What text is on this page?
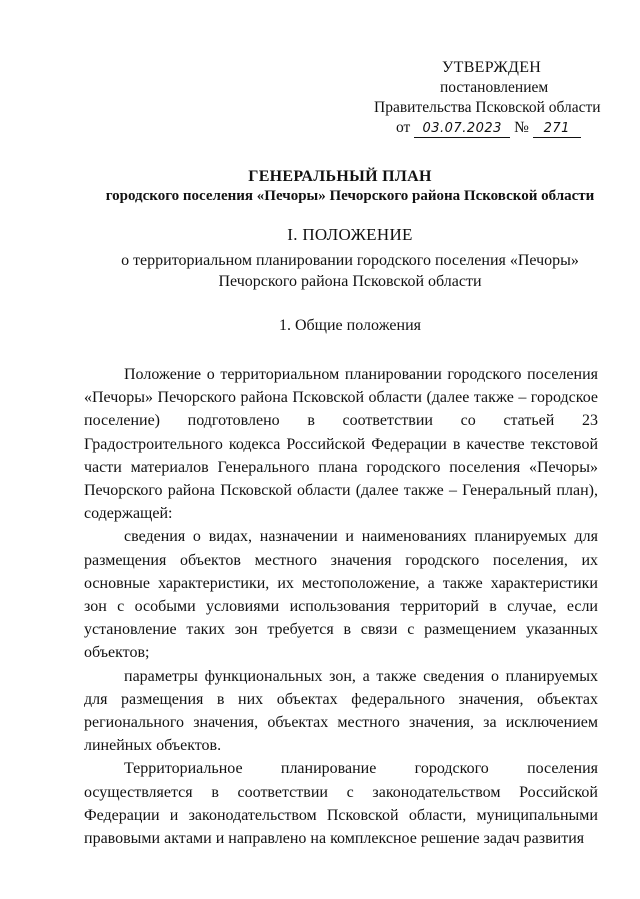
УТВЕРЖДЕН
постановлением
Правительства Псковской области
от 03.07.2023 № 271
ГЕНЕРАЛЬНЫЙ ПЛАН
городского поселения «Печоры» Печорского района Псковской области
I. ПОЛОЖЕНИЕ
о территориальном планировании городского поселения «Печоры»
Печорского района Псковской области
1. Общие положения

Положение о территориальном планировании городского поселения «Печоры» Печорского района Псковской области (далее также – городское поселение) подготовлено в соответствии со статьей 23 Градостроительного кодекса Российской Федерации в качестве текстовой части материалов Генерального плана городского поселения «Печоры» Печорского района Псковской области (далее также – Генеральный план), содержащей:

сведения о видах, назначении и наименованиях планируемых для размещения объектов местного значения городского поселения, их основные характеристики, их местоположение, а также характеристики зон с особыми условиями использования территорий в случае, если установление таких зон требуется в связи с размещением указанных объектов;

параметры функциональных зон, а также сведения о планируемых для размещения в них объектах федерального значения, объектах регионального значения, объектах местного значения, за исключением линейных объектов.

Территориальное планирование городского поселения осуществляется в соответствии с законодательством Российской Федерации и законодательством Псковской области, муниципальными правовыми актами и направлено на комплексное решение задач развития
